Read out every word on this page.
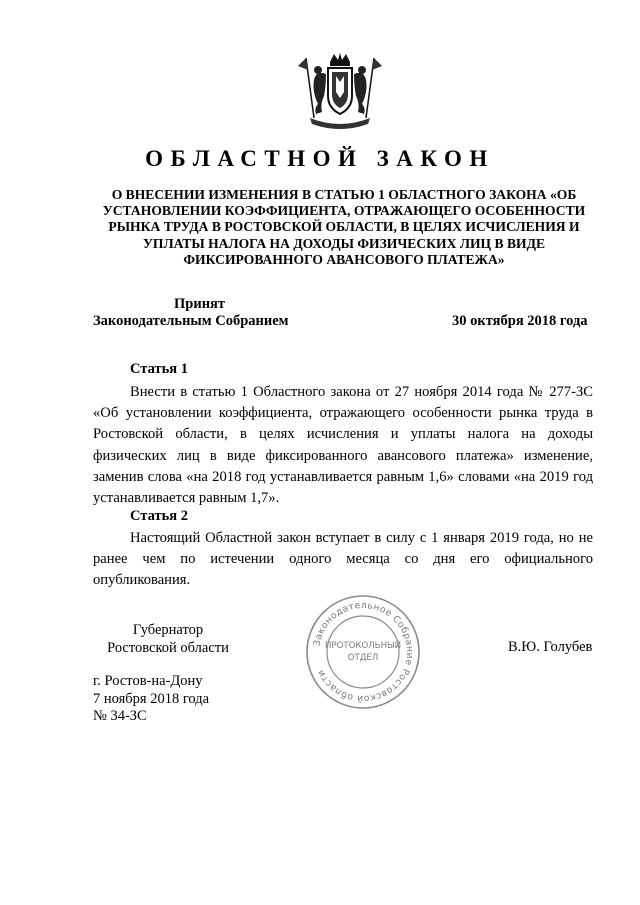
ОБЛАСТНОЙ ЗАКОН

О ВНЕСЕНИИ ИЗМЕНЕНИЯ В СТАТЬЮ 1 ОБЛАСТНОГО ЗАКОНА «ОБ УСТАНОВЛЕНИИ КОЭФФИЦИЕНТА, ОТРАЖАЮЩЕГО ОСОБЕННОСТИ РЫНКА ТРУДА В РОСТОВСКОЙ ОБЛАСТИ, В ЦЕЛЯХ ИСЧИСЛЕНИЯ И УПЛАТЫ НАЛОГА НА ДОХОДЫ ФИЗИЧЕСКИХ ЛИЦ В ВИДЕ ФИКСИРОВАННОГО АВАНСОВОГО ПЛАТЕЖА»

Принят
Законодательным Собранием	30 октября 2018 года
Статья 1

Внести в статью 1 Областного закона от 27 ноября 2014 года № 277-ЗС «Об установлении коэффициента, отражающего особенности рынка труда в Ростовской области, в целях исчисления и уплаты налога на доходы физических лиц в виде фиксированного авансового платежа» изменение, заменив слова «на 2018 год устанавливается равным 1,6» словами «на 2019 год устанавливается равным 1,7».

Статья 2

Настоящий Областной закон вступает в силу с 1 января 2019 года, но не ранее чем по истечении одного месяца со дня его официального опубликования.

Губернатор
Ростовской области	Законодательное Собрание Ростовской области
ПРОТОКОЛЬНЫЙ
ОТДЕЛ
В.Ю. Голубев
г. Ростов-на-Дону
7 ноября 2018 года
№ 34-ЗС
